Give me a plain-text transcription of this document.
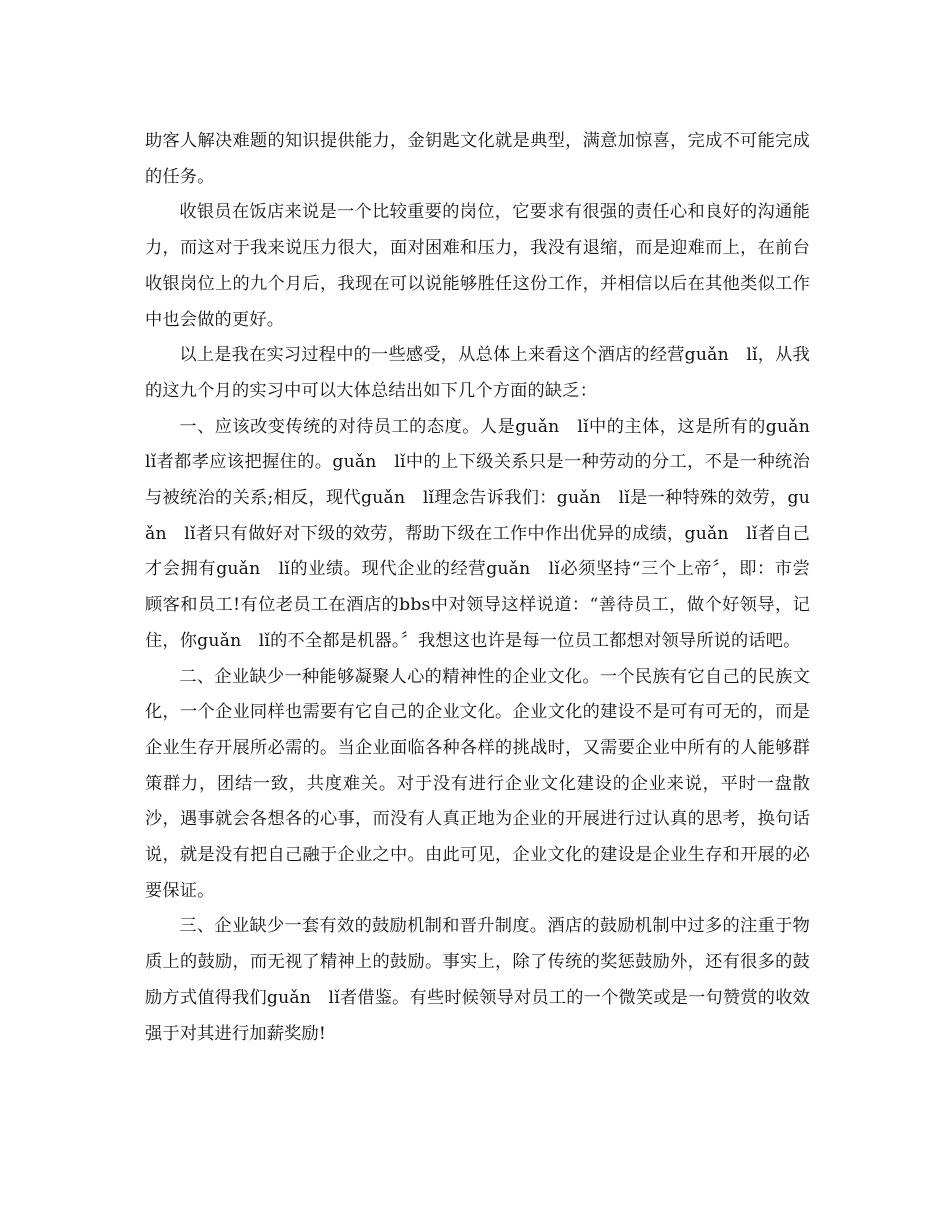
助客人解决难题的知识提供能力，金钥匙文化就是典型，满意加惊喜，完成不可能完成的任务。

收银员在饭店来说是一个比较重要的岗位，它要求有很强的责任心和良好的沟通能力，而这对于我来说压力很大，面对困难和压力，我没有退缩，而是迎难而上，在前台收银岗位上的九个月后，我现在可以说能够胜任这份工作，并相信以后在其他类似工作中也会做的更好。

以上是我在实习过程中的一些感受，从总体上来看这个酒店的经营guǎn　lǐ，从我的这九个月的实习中可以大体总结出如下几个方面的缺乏：

一、应该改变传统的对待员工的态度。人是guǎn　lǐ中的主体，这是所有的guǎn　lǐ者都孝应该把握住的。guǎn　lǐ中的上下级关系只是一种劳动的分工，不是一种统治与被统治的关系;相反，现代guǎn　lǐ理念告诉我们：guǎn　lǐ是一种特殊的效劳，guǎn　lǐ者只有做好对下级的效劳，帮助下级在工作中作出优异的成绩，guǎn　lǐ者自己才会拥有guǎn　lǐ的业绩。现代企业的经营guǎn　lǐ必须坚持“三个上帝〞，即：市尝顾客和员工!有位老员工在酒店的bbs中对领导这样说道：“善待员工，做个好领导，记住，你guǎn　lǐ的不全都是机器。〞我想这也许是每一位员工都想对领导所说的话吧。

二、企业缺少一种能够凝聚人心的精神性的企业文化。一个民族有它自己的民族文化，一个企业同样也需要有它自己的企业文化。企业文化的建设不是可有可无的，而是企业生存开展所必需的。当企业面临各种各样的挑战时，又需要企业中所有的人能够群策群力，团结一致，共度难关。对于没有进行企业文化建设的企业来说，平时一盘散沙，遇事就会各想各的心事，而没有人真正地为企业的开展进行过认真的思考，换句话说，就是没有把自己融于企业之中。由此可见，企业文化的建设是企业生存和开展的必要保证。

三、企业缺少一套有效的鼓励机制和晋升制度。酒店的鼓励机制中过多的注重于物质上的鼓励，而无视了精神上的鼓励。事实上，除了传统的奖惩鼓励外，还有很多的鼓励方式值得我们guǎn　lǐ者借鉴。有些时候领导对员工的一个微笑或是一句赞赏的收效强于对其进行加薪奖励!
